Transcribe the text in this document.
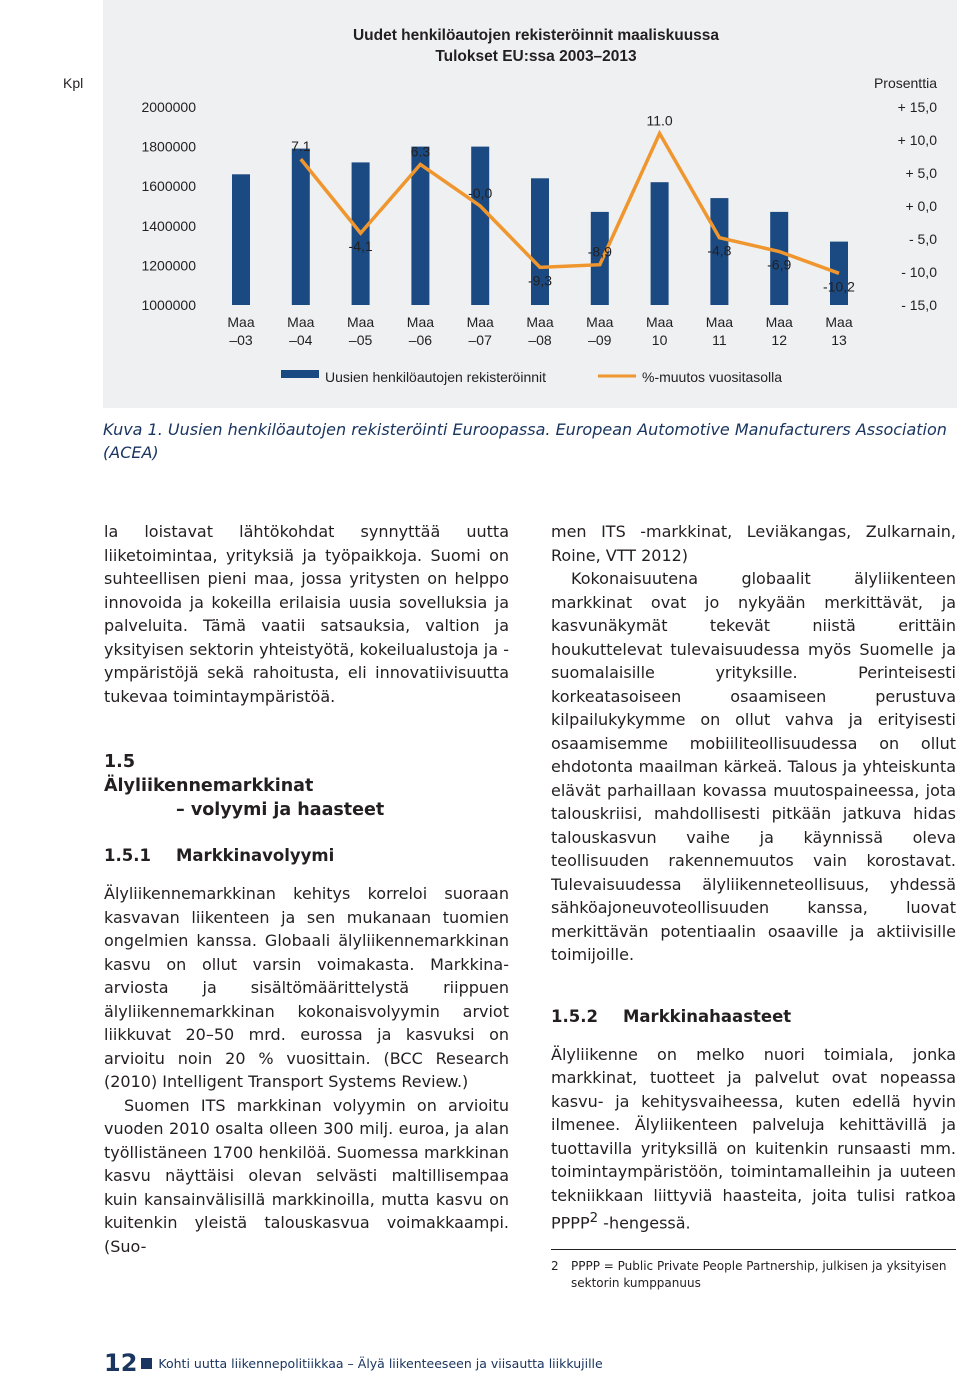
Uudet henkilöautojen rekisteröinnit maaliskuussa
Tulokset EU:ssa 2003–2013
Kpl	Prosenttia
2000000
1800000
1600000
1400000
1200000
1000000
+ 15,0
+ 10,0
+ 5,0
+ 0,0
- 5,0
- 10,0
- 15,0
7.1
-4,1
6.3
-0,0
-9,3
-8,9
11.0
-4,8
-6,9
-10,2
Maa
–03
Maa
–04
Maa
–05
Maa
–06
Maa
–07
Maa
–08
Maa
–09
Maa
10
Maa
11
Maa
12
Maa
13
Uusien henkilöautojen rekisteröinnit	%-muutos vuositasolla

Kuva 1. Uusien henkilöautojen rekisteröinti Euroopassa. European Automotive Manufacturers Association (ACEA)

la loistavat lähtökohdat synnyttää uutta liiketoimintaa, yrityksiä ja työpaikkoja. Suomi on suhteellisen pieni maa, jossa yritysten on helppo innovoida ja kokeilla erilaisia uusia sovelluksia ja palveluita. Tämä vaatii satsauksia, valtion ja yksityisen sektorin yhteistyötä, kokeilualustoja ja -ympäristöjä sekä rahoitusta, eli innovatiivisuutta tukevaa toimintaympäristöä.

1.5
Älyliikennemarkkinat
– volyymi ja haasteet
1.5.1 Markkinavolyymi

Älyliikennemarkkinan kehitys korreloi suoraan kasvavan liikenteen ja sen mukanaan tuomien ongelmien kanssa. Globaali älyliikennemarkkinan kasvu on ollut varsin voimakasta. Markkina-arviosta ja sisältömäärittelystä riippuen älyliikennemarkkinan kokonaisvolyymin arviot liikkuvat 20–50 mrd. eurossa ja kasvuksi on arvioitu noin 20 % vuosittain. (BCC Research (2010) Intelligent Transport Systems Review.)

Suomen ITS markkinan volyymin on arvioitu vuoden 2010 osalta olleen 300 milj. euroa, ja alan työllistäneen 1700 henkilöä. Suomessa markkinan kasvu näyttäisi olevan selvästi maltillisempaa kuin kansainvälisillä markkinoilla, mutta kasvu on kuitenkin yleistä talouskasvua voimakkaampi. (Suo-

men ITS -markkinat, Leviäkangas, Zulkarnain, Roine, VTT 2012)

Kokonaisuutena globaalit älyliikenteen markkinat ovat jo nykyään merkittävät, ja kasvunäkymät tekevät niistä erittäin houkuttelevat tulevaisuudessa myös Suomelle ja suomalaisille yrityksille. Perinteisesti korkeatasoiseen osaamiseen perustuva kilpailukykymme on ollut vahva ja erityisesti osaamisemme mobiiliteollisuudessa on ollut ehdotonta maailman kärkeä. Talous ja yhteiskunta elävät parhaillaan kovassa muutospaineessa, jota talouskriisi, mahdollisesti pitkään jatkuva hidas talouskasvun vaihe ja käynnissä oleva teollisuuden rakennemuutos vain korostavat. Tulevaisuudessa älyliikenneteollisuus, yhdessä sähköajoneuvoteollisuuden kanssa, luovat merkittävän potentiaalin osaaville ja aktiivisille toimijoille.

1.5.2 Markkinahaasteet

Älyliikenne on melko nuori toimiala, jonka markkinat, tuotteet ja palvelut ovat nopeassa kasvu- ja kehitysvaiheessa, kuten edellä hyvin ilmenee. Älyliikenteen palveluja kehittävillä ja tuottavilla yrityksillä on kuitenkin runsaasti mm. toimintaympäristöön, toimintamalleihin ja uuteen tekniikkaan liittyviä haasteita, joita tulisi ratkoa PPPP$^2$ -hengessä.

2	PPPP = Public Private People Partnership, julkisen ja yksityisen sektorin kumppanuus
12 Kohti uutta liikennepolitiikkaa – Älyä liikenteeseen ja viisautta liikkujille
